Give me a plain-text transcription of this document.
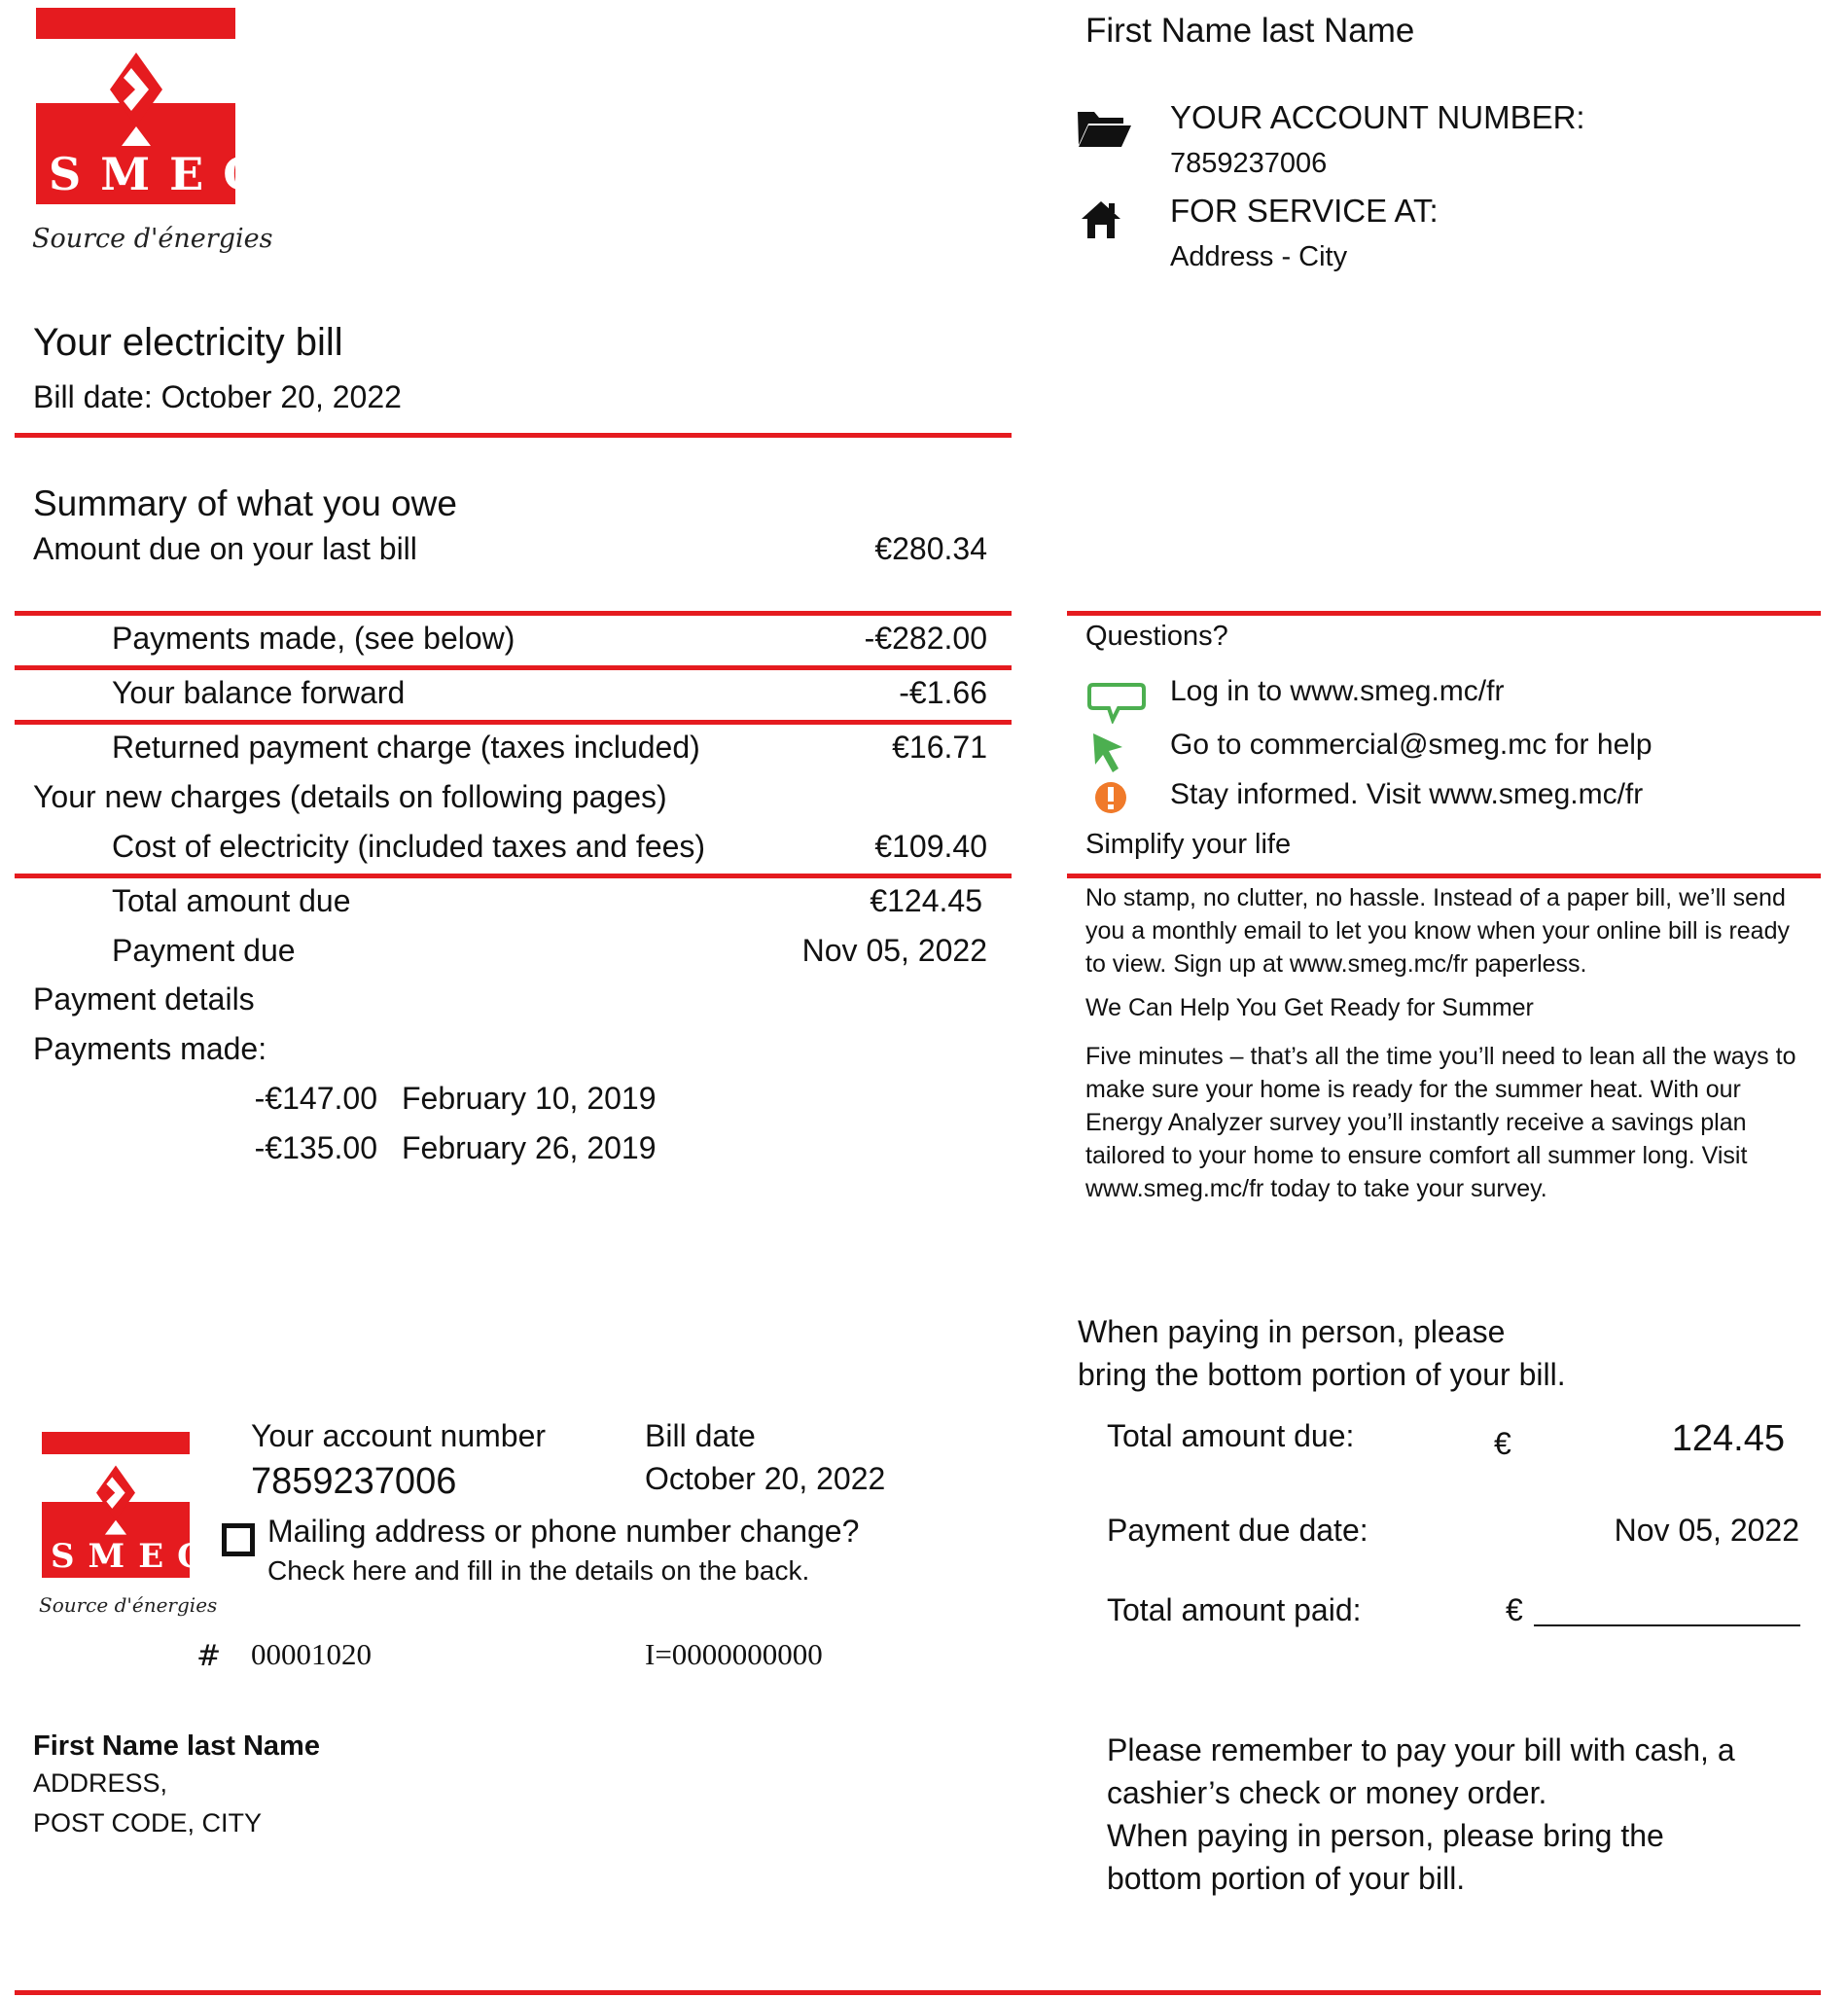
SMEG
Source d'énergies
First Name last Name
YOUR ACCOUNT NUMBER:
7859237006
FOR SERVICE AT:
Address - City
Your electricity bill
Bill date: October 20, 2022
Summary of what you owe
Amount due on your last bill	€280.34
Payments made, (see below)	-€282.00
Your balance forward	-€1.66
Returned payment charge (taxes included)	€16.71
Your new charges (details on following pages)
Cost of electricity (included taxes and fees)	€109.40
Total amount due	€124.45
Payment due	Nov 05, 2022
Payment details
Payments made:
-€147.00 February 10, 2019
-€135.00 February 26, 2019
Questions?
Log in to www.smeg.mc/fr
Go to commercial@smeg.mc for help
Stay informed. Visit www.smeg.mc/fr
Simplify your life
No stamp, no clutter, no hassle. Instead of a paper bill, we’ll send you a monthly email to let you know when your online bill is ready to view. Sign up at www.smeg.mc/fr paperless.
We Can Help You Get Ready for Summer
Five minutes – that’s all the time you’ll need to lean all the ways to make sure your home is ready for the summer heat. With our Energy Analyzer survey you’ll instantly receive a savings plan tailored to your home to ensure comfort all summer long. Visit www.smeg.mc/fr today to take your survey.
When paying in person, please
bring the bottom portion of your bill.
Total amount due:	€	124.45
Payment due date:	Nov 05, 2022
Total amount paid:	€
Please remember to pay your bill with cash, a
cashier’s check or money order.
When paying in person, please bring the
bottom portion of your bill.
SMEG
Source d'énergies
Your account number
7859237006
Bill date
October 20, 2022
Mailing address or phone number change?
Check here and fill in the details on the back.
# 00001020	I=0000000000
First Name last Name
ADDRESS,
POST CODE, CITY
